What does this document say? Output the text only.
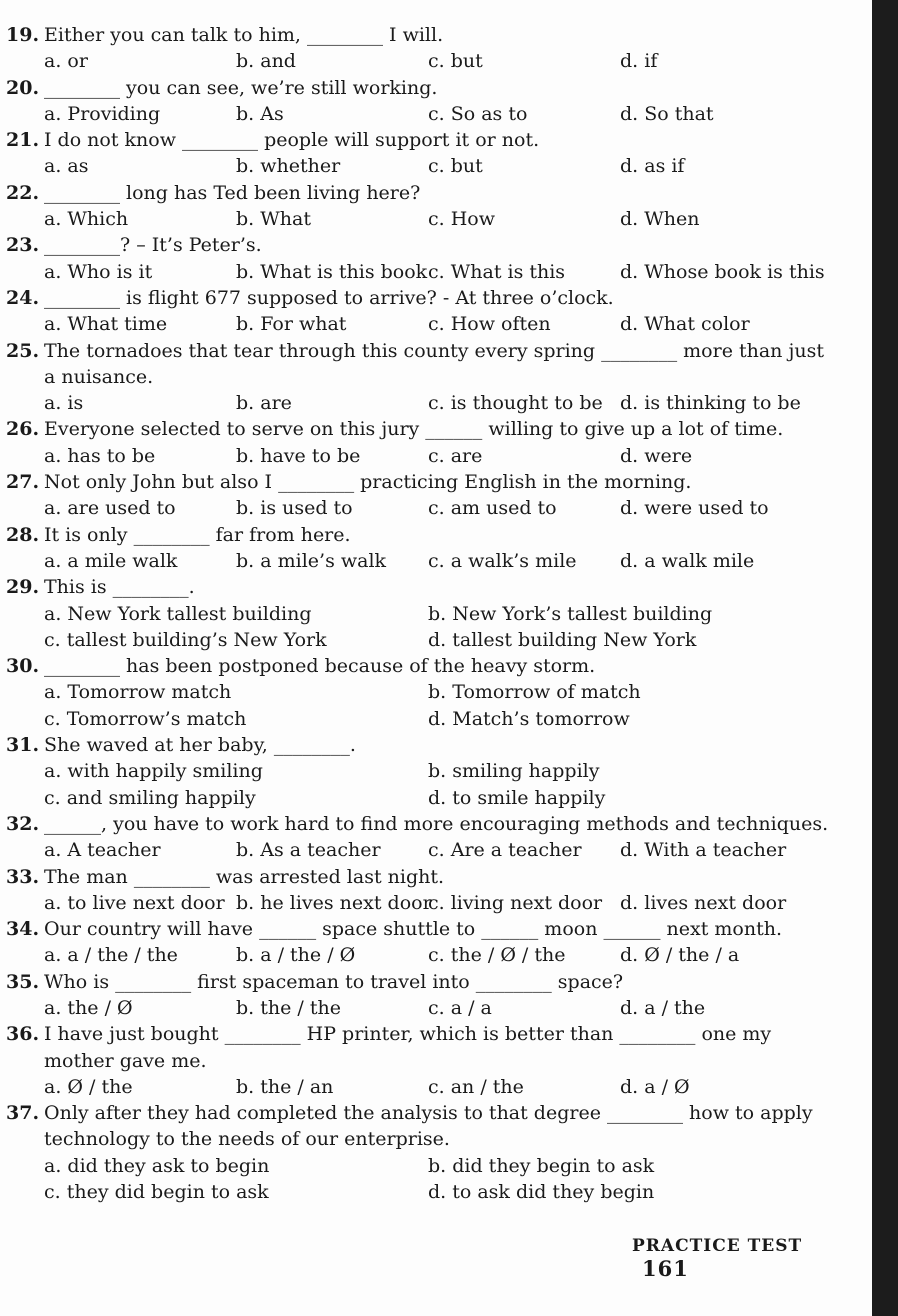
19. Either you can talk to him, ________ I will.
a. or	b. and	c. but	d. if
20. ________ you can see, we’re still working.
a. Providing	b. As	c. So as to	d. So that
21. I do not know ________ people will support it or not.
a. as	b. whether	c. but	d. as if
22. ________ long has Ted been living here?
a. Which	b. What	c. How	d. When
23. ________? – It’s Peter’s.
a. Who is it	b. What is this book c. What is this	d. Whose book is this
24. ________ is flight 677 supposed to arrive? - At three o’clock.
a. What time	b. For what	c. How often	d. What color
25. The tornadoes that tear through this county every spring ________ more than just a nuisance.
a. is	b. are	c. is thought to be d. is thinking to be
26. Everyone selected to serve on this jury ______ willing to give up a lot of time.
a. has to be	b. have to be	c. are	d. were
27. Not only John but also I ________ practicing English in the morning.
a. are used to	b. is used to	c. am used to	d. were used to
28. It is only ________ far from here.
a. a mile walk	b. a mile’s walk	c. a walk’s mile	d. a walk mile
29. This is ________.
a. New York tallest building	b. New York’s tallest building
c. tallest building’s New York	d. tallest building New York
30. ________ has been postponed because of the heavy storm.
a. Tomorrow match	b. Tomorrow of match
c. Tomorrow’s match	d. Match’s tomorrow
31. She waved at her baby, ________.
a. with happily smiling	b. smiling happily
c. and smiling happily	d. to smile happily
32. ______, you have to work hard to find more encouraging methods and techniques.
a. A teacher	b. As a teacher	c. Are a teacher	d. With a teacher
33. The man ________ was arrested last night.
a. to live next door b. he lives next door
c. living next door d. lives next door
34. Our country will have ______ space shuttle to ______ moon ______ next month.
a. a / the / the	b. a / the / Ø	c. the / Ø / the	d. Ø / the / a
35. Who is ________ first spaceman to travel into ________ space?
a. the / Ø	b. the / the	c. a / a	d. a / the
36. I have just bought ________ HP printer, which is better than ________ one my mother gave me.
a. Ø / the	b. the / an	c. an / the	d. a / Ø
37. Only after they had completed the analysis to that degree ________ how to apply technology to the needs of our enterprise.
a. did they ask to begin	b. did they begin to ask
c. they did begin to ask	d. to ask did they begin
PRACTICE TEST 161
